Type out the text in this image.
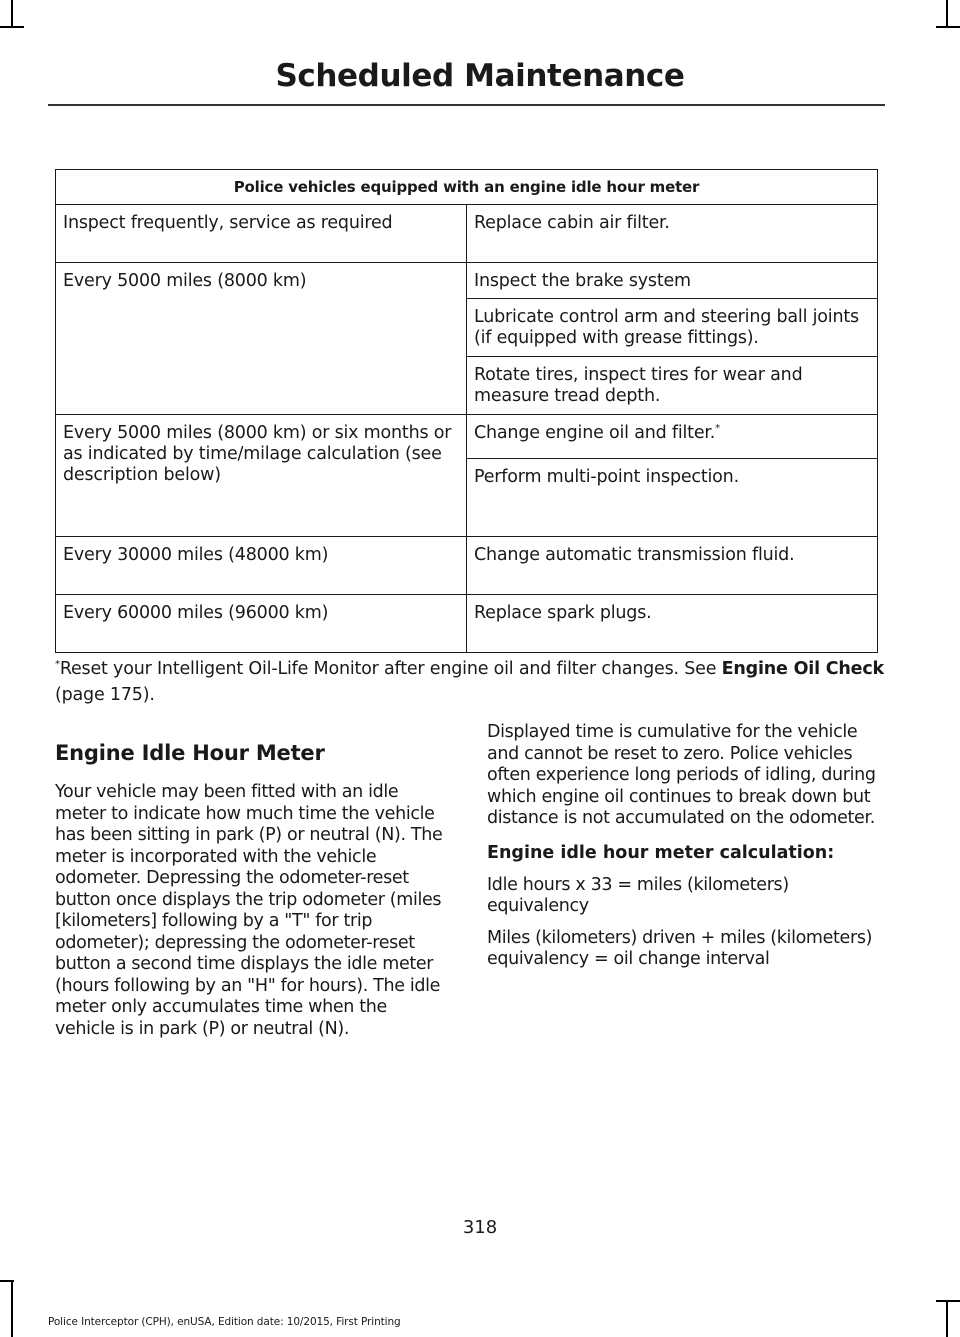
Scheduled Maintenance
Police vehicles equipped with an engine idle hour meter	
Inspect frequently, service as required	Replace cabin air filter.
Every 5000 miles (8000 km)	Inspect the brake system
	Lubricate control arm and steering ball joints (if equipped with grease fittings).
	Rotate tires, inspect tires for wear and measure tread depth.
Every 5000 miles (8000 km) or six months or as indicated by time/milage calculation (see description below)	Change engine oil and filter.*
	Perform multi-point inspection.
Every 30000 miles (48000 km)	Change automatic transmission fluid.
Every 60000 miles (96000 km)	Replace spark plugs.
*Reset your Intelligent Oil-Life Monitor after engine oil and filter changes. See Engine Oil Check (page 175).
Engine Idle Hour Meter

Your vehicle may been fitted with an idle meter to indicate how much time the vehicle has been sitting in park (P) or neutral (N). The meter is incorporated with the vehicle odometer. Depressing the odometer-reset button once displays the trip odometer (miles [kilometers] following by a "T" for trip odometer); depressing the odometer-reset button a second time displays the idle meter (hours following by an "H" for hours). The idle meter only accumulates time when the vehicle is in park (P) or neutral (N).

Displayed time is cumulative for the vehicle and cannot be reset to zero. Police vehicles often experience long periods of idling, during which engine oil continues to break down but distance is not accumulated on the odometer.

Engine idle hour meter calculation:

Idle hours x 33 = miles (kilometers) equivalency

Miles (kilometers) driven + miles (kilometers) equivalency = oil change interval

318
Police Interceptor (CPH), enUSA, Edition date: 10/2015, First Printing
